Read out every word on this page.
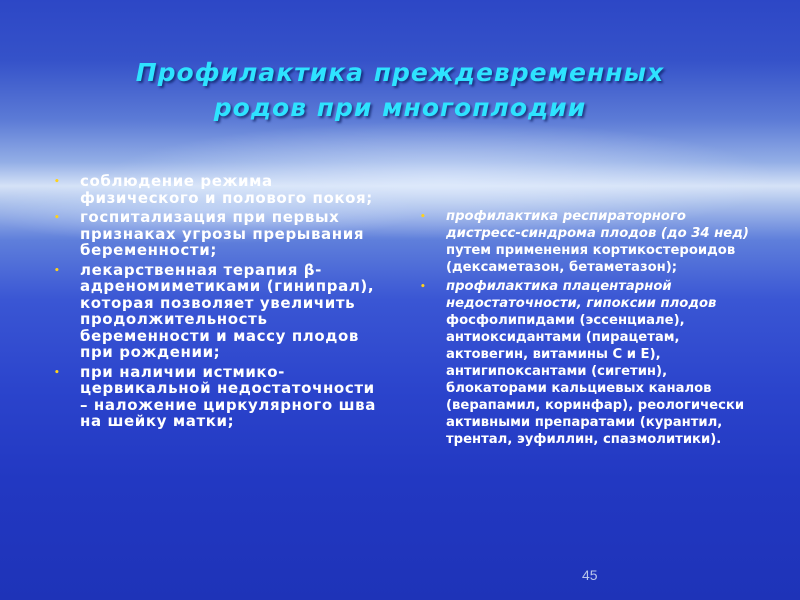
Профилактика преждевременных
родов при многоплодии
• соблюдение режима физического и полового покоя;
• госпитализация при первых признаках угрозы прерывания беременности;
• лекарственная терапия β-адреномиметиками (гинипрал), которая позволяет увеличить продолжительность беременности и массу плодов при рождении;
• при наличии истмико-цервикальной недостаточности – наложение циркулярного шва на шейку матки;
• профилактика респираторного дистресс-синдрома плодов (до 34 нед) путем применения кортикостероидов (дексаметазон, бетаметазон);
• профилактика плацентарной недостаточности, гипоксии плодов фосфолипидами (эссенциале), антиоксидантами (пирацетам, актовегин, витамины С и Е), антигипоксантами (сигетин), блокаторами кальциевых каналов (верапамил, коринфар), реологически активными препаратами (курантил, трентал, эуфиллин, спазмолитики).
45
